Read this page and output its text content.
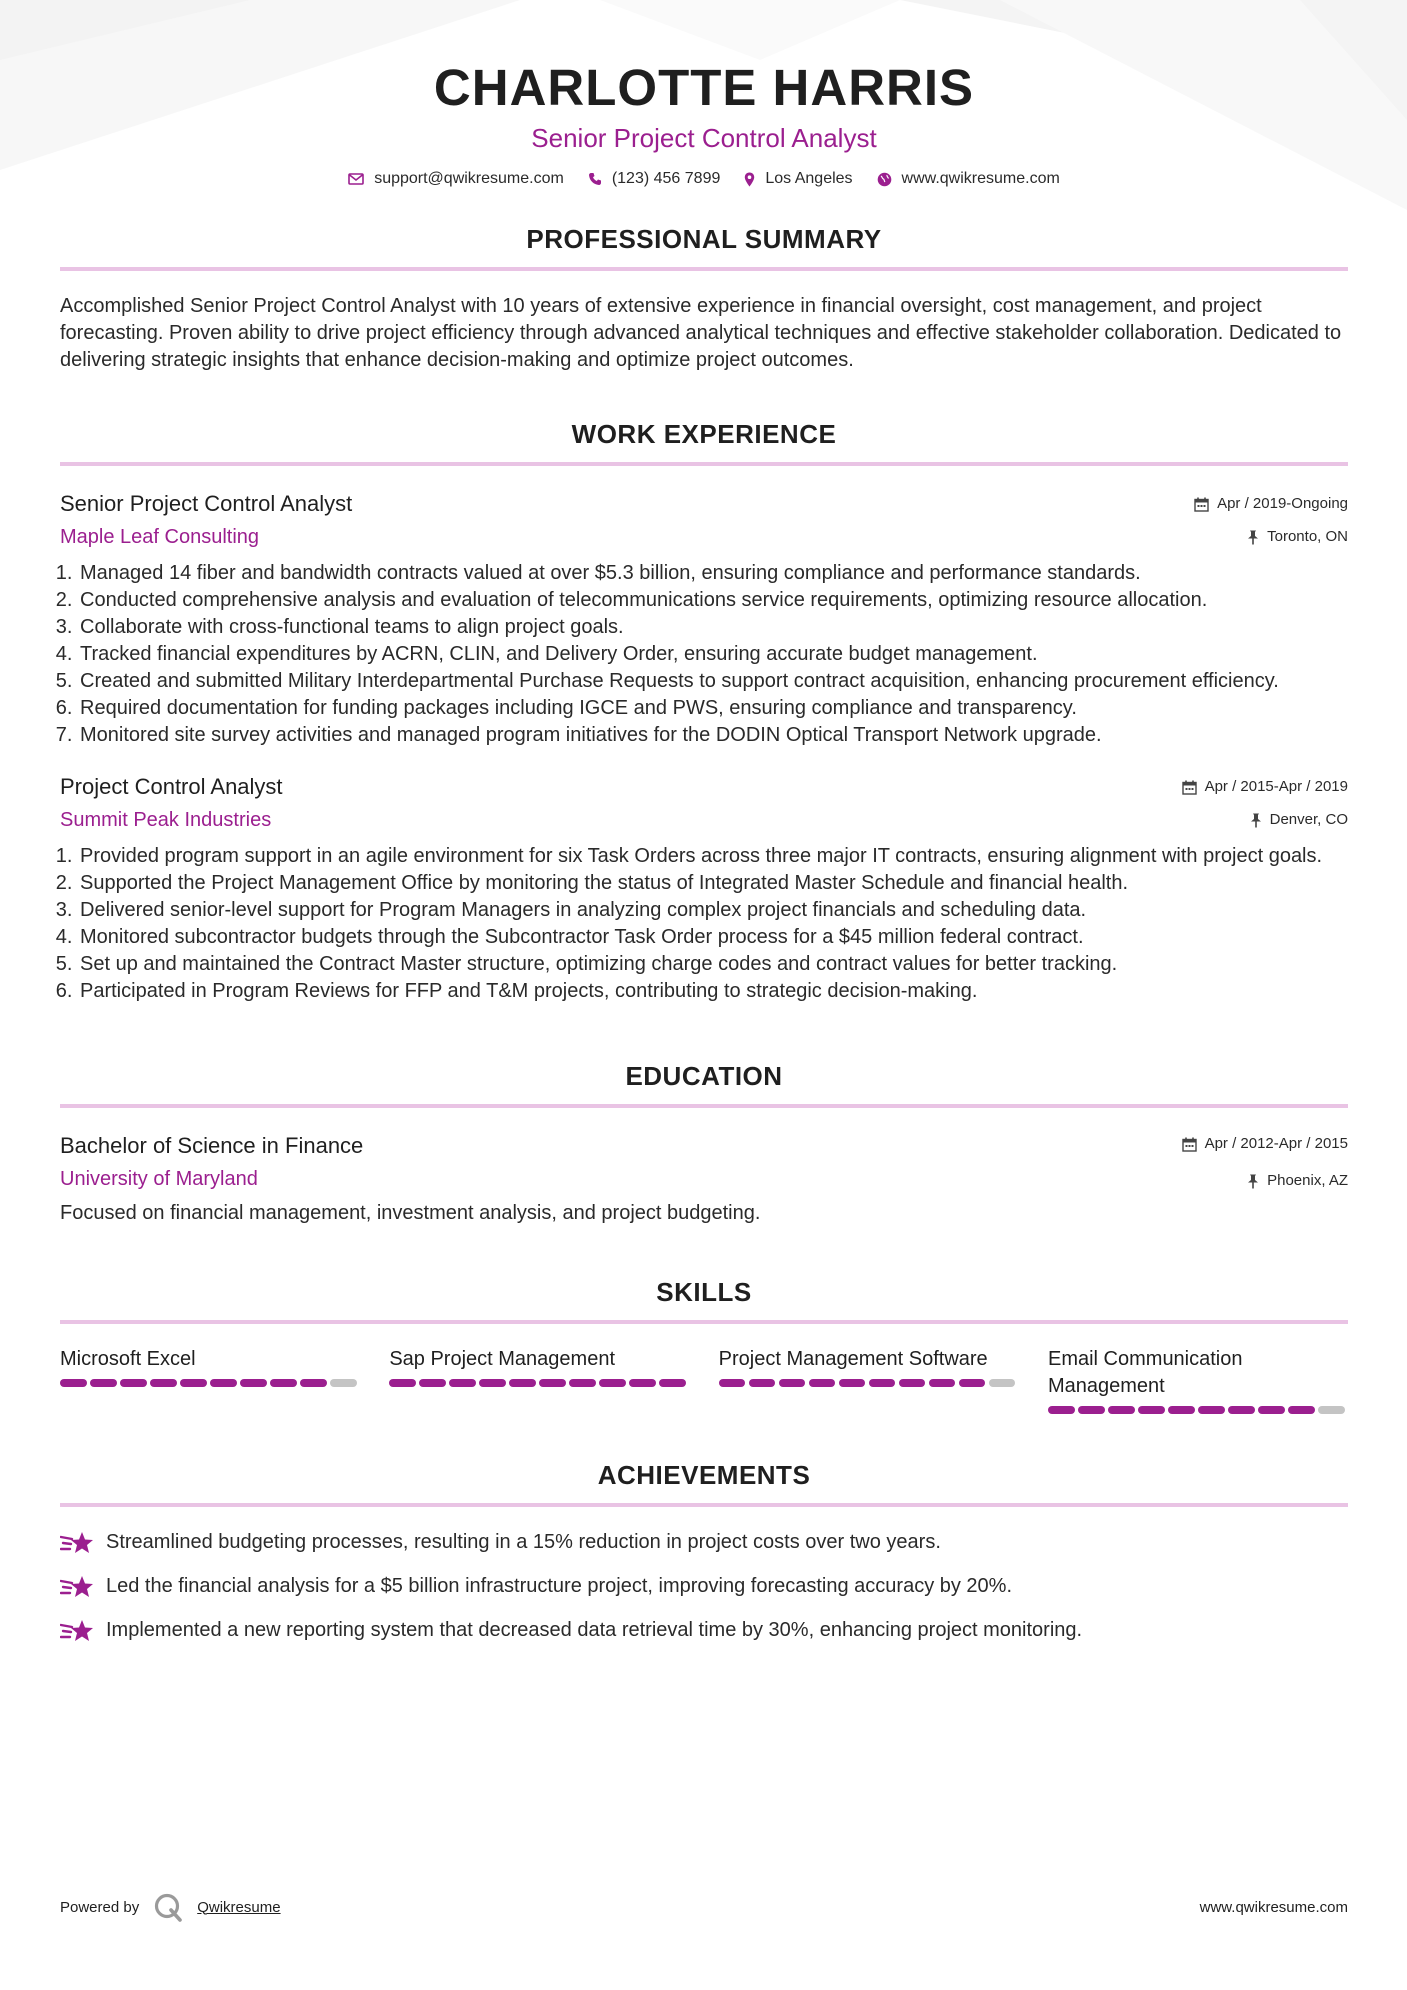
CHARLOTTE HARRIS
Senior Project Control Analyst
support@qwikresume.com	(123) 456 7899	Los Angeles	www.qwikresume.com
PROFESSIONAL SUMMARY
Accomplished Senior Project Control Analyst with 10 years of extensive experience in financial oversight, cost management, and project forecasting. Proven ability to drive project efficiency through advanced analytical techniques and effective stakeholder collaboration. Dedicated to delivering strategic insights that enhance decision-making and optimize project outcomes.
WORK EXPERIENCE
Senior Project Control Analyst
Maple Leaf Consulting
Apr / 2019-Ongoing
Toronto, ON
1. Managed 14 fiber and bandwidth contracts valued at over $5.3 billion, ensuring compliance and performance standards.
2. Conducted comprehensive analysis and evaluation of telecommunications service requirements, optimizing resource allocation.
3. Collaborate with cross-functional teams to align project goals.
4. Tracked financial expenditures by ACRN, CLIN, and Delivery Order, ensuring accurate budget management.
5. Created and submitted Military Interdepartmental Purchase Requests to support contract acquisition, enhancing procurement efficiency.
6. Required documentation for funding packages including IGCE and PWS, ensuring compliance and transparency.
7. Monitored site survey activities and managed program initiatives for the DODIN Optical Transport Network upgrade.
Project Control Analyst
Summit Peak Industries
Apr / 2015-Apr / 2019
Denver, CO
1. Provided program support in an agile environment for six Task Orders across three major IT contracts, ensuring alignment with project goals.
2. Supported the Project Management Office by monitoring the status of Integrated Master Schedule and financial health.
3. Delivered senior-level support for Program Managers in analyzing complex project financials and scheduling data.
4. Monitored subcontractor budgets through the Subcontractor Task Order process for a $45 million federal contract.
5. Set up and maintained the Contract Master structure, optimizing charge codes and contract values for better tracking.
6. Participated in Program Reviews for FFP and T&M projects, contributing to strategic decision-making.
EDUCATION
Bachelor of Science in Finance
University of Maryland
Apr / 2012-Apr / 2015
Phoenix, AZ
Focused on financial management, investment analysis, and project budgeting.
SKILLS
Microsoft Excel	Sap Project Management	Project Management Software	Email Communication Management
ACHIEVEMENTS
Streamlined budgeting processes, resulting in a 15% reduction in project costs over two years.
Led the financial analysis for a $5 billion infrastructure project, improving forecasting accuracy by 20%.
Implemented a new reporting system that decreased data retrieval time by 30%, enhancing project monitoring.
Powered by	Qwikresume	www.qwikresume.com
